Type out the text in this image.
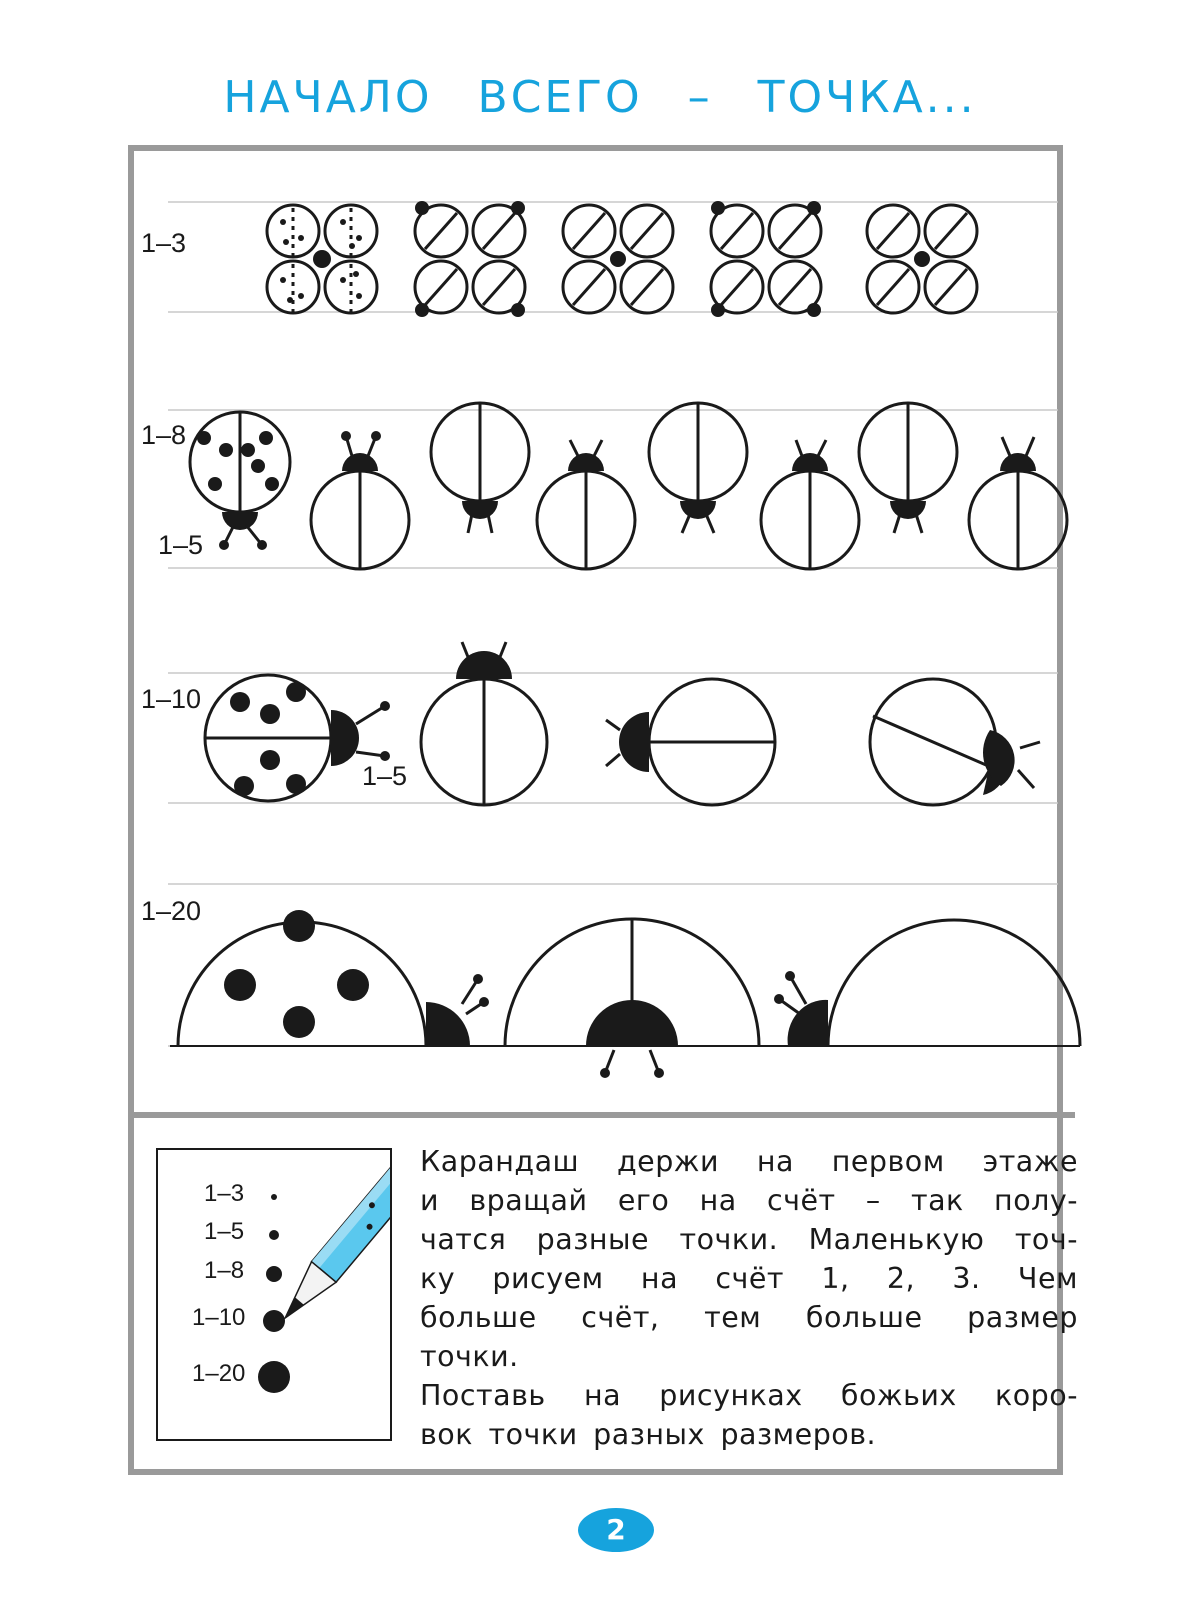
НАЧАЛО ВСЕГО – ТОЧКА...
1–3
1–8
1–5
1–10
1–5
1–20
1–3
1–5
1–8
1–10
1–20
Карандаш держи на первом этаже
и вращай его на счёт – так полу-
чатся разные точки. Маленькую точ-
ку рисуем на счёт 1, 2, 3. Чем
больше счёт, тем больше размер
точки.
Поставь на рисунках божьих коро-
вок точки разных размеров.
2
